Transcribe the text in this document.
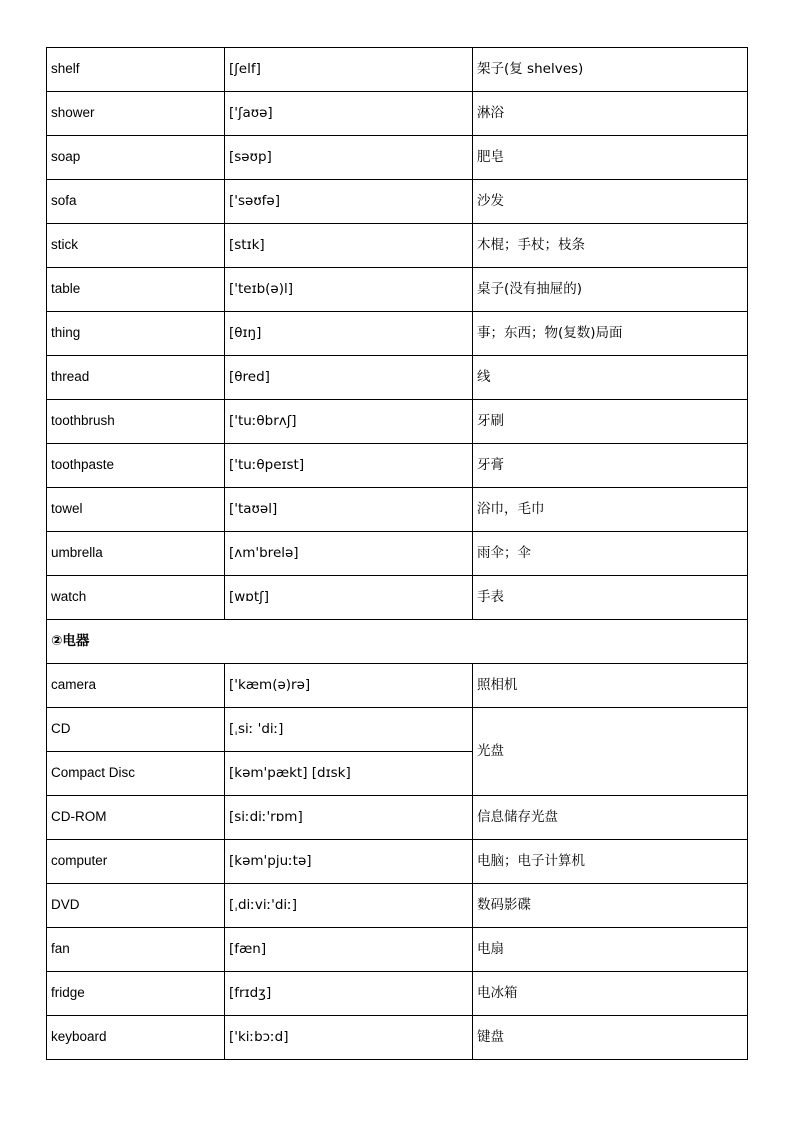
shelf	[ʃelf]	架子(复 shelves)
shower	['ʃaʊə]	淋浴
soap	[səʊp]	肥皂
sofa	['səʊfə]	沙发
stick	[stɪk]	木棍；手杖；枝条
table	['teɪb(ə)l]	桌子(没有抽屉的)
thing	[θɪŋ]	事；东西；物(复数)局面
thread	[θred]	线
toothbrush	['tuːθbrʌʃ]	牙刷
toothpaste	['tuːθpeɪst]	牙膏
towel	['taʊəl]	浴巾，毛巾
umbrella	[ʌm'brelə]	雨伞；伞
watch	[wɒtʃ]	手表
②电器		
camera	['kæm(ə)rə]	照相机
CD	[ˌsiː 'diː]	光盘
Compact Disc	[kəm'pækt] [dɪsk]	
CD-ROM	[siːdiː'rɒm]	信息储存光盘
computer	[kəm'pjuːtə]	电脑；电子计算机
DVD	[ˌdiːviː'diː]	数码影碟
fan	[fæn]	电扇
fridge	[frɪdʒ]	电冰箱
keyboard	['kiːbɔːd]	键盘
